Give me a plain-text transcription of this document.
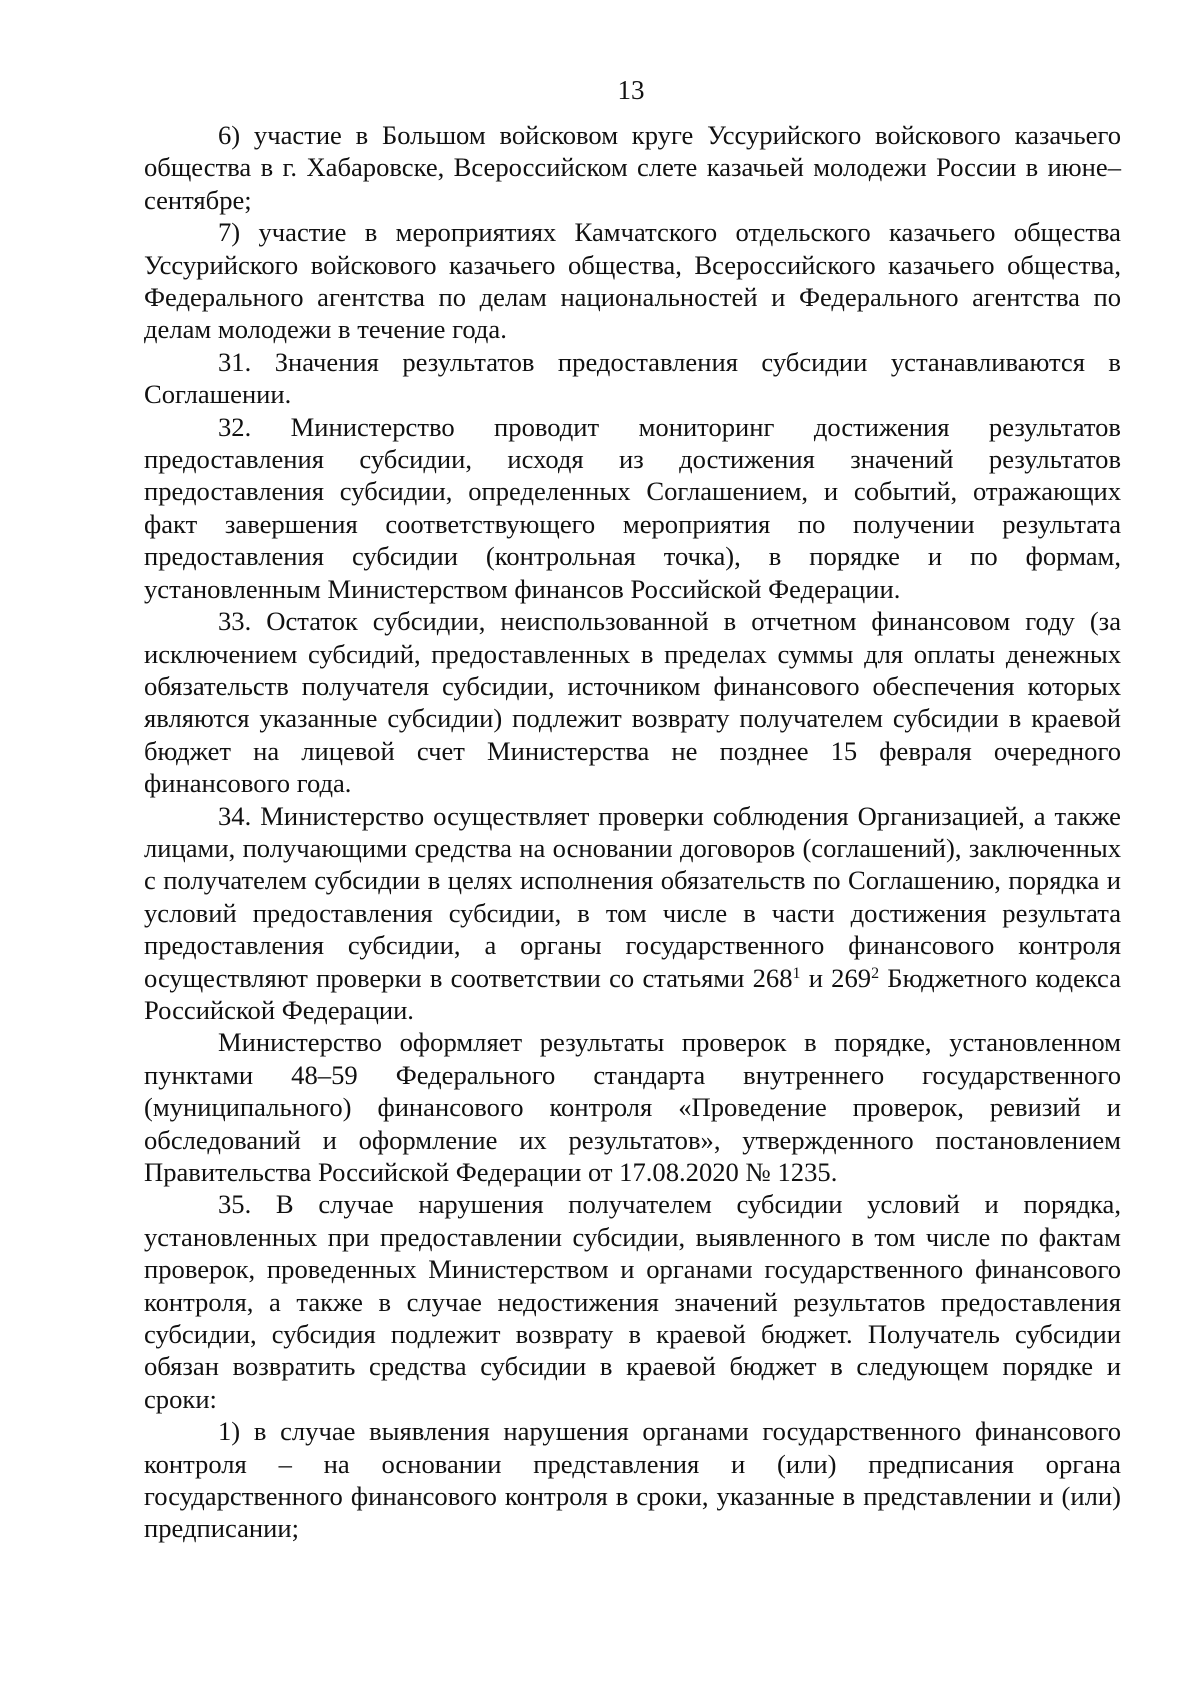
13

6) участие в Большом войсковом круге Уссурийского войскового казачьего общества в г. Хабаровске, Всероссийском слете казачьей молодежи России в июне–сентябре;

7) участие в мероприятиях Камчатского отдельского казачьего общества Уссурийского войскового казачьего общества, Всероссийского казачьего общества, Федерального агентства по делам национальностей и Федерального агентства по делам молодежи в течение года.

31. Значения результатов предоставления субсидии устанавливаются в Соглашении.

32. Министерство проводит мониторинг достижения результатов предоставления субсидии, исходя из достижения значений результатов предоставления субсидии, определенных Соглашением, и событий, отражающих факт завершения соответствующего мероприятия по получении результата предоставления субсидии (контрольная точка), в порядке и по формам, установленным Министерством финансов Российской Федерации.

33. Остаток субсидии, неиспользованной в отчетном финансовом году (за исключением субсидий, предоставленных в пределах суммы для оплаты денежных обязательств получателя субсидии, источником финансового обеспечения которых являются указанные субсидии) подлежит возврату получателем субсидии в краевой бюджет на лицевой счет Министерства не позднее 15 февраля очередного финансового года.

34. Министерство осуществляет проверки соблюдения Организацией, а также лицами, получающими средства на основании договоров (соглашений), заключенных с получателем субсидии в целях исполнения обязательств по Соглашению, порядка и условий предоставления субсидии, в том числе в части достижения результата предоставления субсидии, а органы государственного финансового контроля осуществляют проверки в соответствии со статьями $268^1$ и $269^2$ Бюджетного кодекса Российской Федерации.

Министерство оформляет результаты проверок в порядке, установленном пунктами 48–59 Федерального стандарта внутреннего государственного (муниципального) финансового контроля «Проведение проверок, ревизий и обследований и оформление их результатов», утвержденного постановлением Правительства Российской Федерации от 17.08.2020 № 1235.

35. В случае нарушения получателем субсидии условий и порядка, установленных при предоставлении субсидии, выявленного в том числе по фактам проверок, проведенных Министерством и органами государственного финансового контроля, а также в случае недостижения значений результатов предоставления субсидии, субсидия подлежит возврату в краевой бюджет. Получатель субсидии обязан возвратить средства субсидии в краевой бюджет в следующем порядке и сроки:

1) в случае выявления нарушения органами государственного финансового контроля – на основании представления и (или) предписания органа государственного финансового контроля в сроки, указанные в представлении и (или) предписании;
